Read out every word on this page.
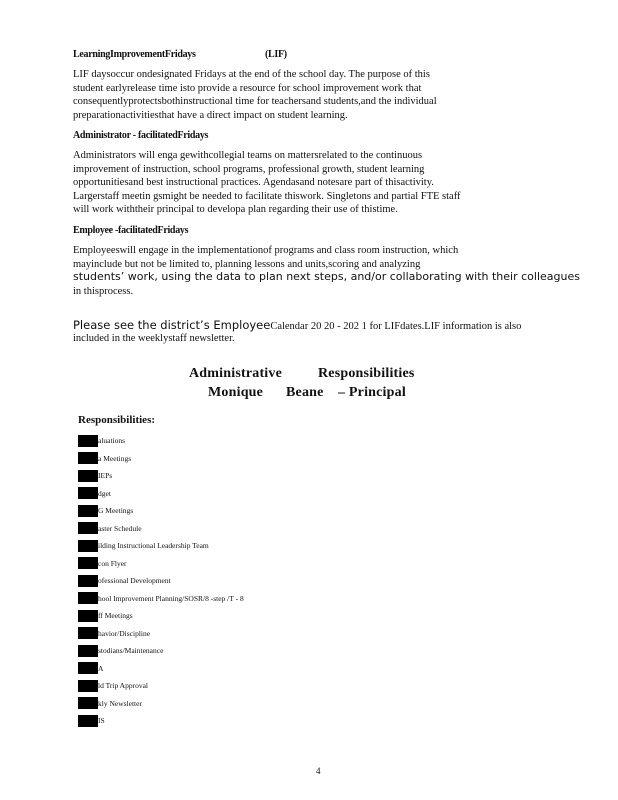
LearningImprovementFridays	(LIF)

LIF daysoccur ondesignated Fridays at the end of the school day. The purpose of this

student earlyrelease time isto provide a resource for school improvement work that

consequentlyprotectsbothinstructional time for teachersand students,and the individual

preparationactivitiesthat have a direct impact on student learning.

Administrator - facilitatedFridays

Administrators will enga gewithcollegial teams on mattersrelated to the continuous

improvement of instruction, school programs, professional growth, student learning

opportunitiesand best instructional practices. Agendasand notesare part of thisactivity.

Largerstaff meetin gsmight be needed to facilitate thiswork. Singletons and partial FTE staff

will work withtheir principal to developa plan regarding their use of thistime.

Employee -facilitatedFridays

Employeeswill engage in the implementationof programs and class room instruction, which

mayinclude but not be limited to, planning lessons and units,scoring and analyzing

students’ work, using the data to plan next steps, and/or collaborating with their colleagues
in thisprocess.
Please see the district’s EmployeeCalendar 20 20 - 202 1 for LIFdates.LIF information is also
included in the weeklystaff newsletter.
Administrative	Responsibilities
Monique Beane – Principal
Responsibilities:
aluations
a Meetings
IEPs
dget
G Meetings
aster Schedule
ilding Instructional Leadership Team
con Flyer
ofessional Development
hool Improvement Planning/SOSR/8 -step /T - 8
ff Meetings
havior/Discipline
stodians/Maintenance
A
ld Trip Approval
kly Newsletter
IS
4
